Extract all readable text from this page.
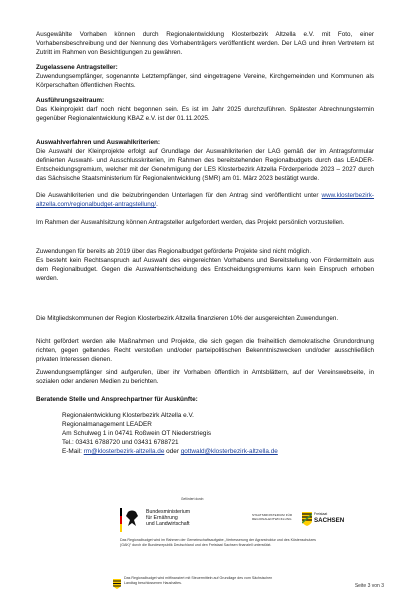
Ausgewählte Vorhaben können durch Regionalentwicklung Klosterbezirk Altzella e.V. mit Foto, einer Vorhabensbeschreibung und der Nennung des Vorhabenträgers veröffentlicht werden. Der LAG und ihren Vertretern ist Zutritt im Rahmen von Besichtigungen zu gewähren.

Zugelassene Antragsteller:

Zuwendungsempfänger, sogenannte Letztempfänger, sind eingetragene Vereine, Kirchgemeinden und Kommunen als Körperschaften öffentlichen Rechts.

Ausführungszeitraum:

Das Kleinprojekt darf noch nicht begonnen sein. Es ist im Jahr 2025 durchzuführen. Spätester Abrechnungstermin gegenüber Regionalentwicklung KBAZ e.V. ist der 01.11.2025.

Auswahlverfahren und Auswahlkriterien:

Die Auswahl der Kleinprojekte erfolgt auf Grundlage der Auswahlkriterien der LAG gemäß der im Antragsformular definierten Auswahl- und Ausschlusskriterien, im Rahmen des bereitstehenden Regionalbudgets durch das LEADER-Entscheidungsgremium, welcher mit der Genehmigung der LES Klosterbezirk Altzella Förderperiode 2023 – 2027 durch das Sächsische Staatsministerium für Regionalentwicklung (SMR) am 01. März 2023 bestätigt wurde.

Die Auswahlkriterien und die beizubringenden Unterlagen für den Antrag sind veröffentlicht unter www.klosterbezirk-altzella.com/regionalbudget-antragstellung/.

Im Rahmen der Auswahlsitzung können Antragsteller aufgefordert werden, das Projekt persönlich vorzustellen.

Zuwendungen für bereits ab 2019 über das Regionalbudget geförderte Projekte sind nicht möglich.

Es besteht kein Rechtsanspruch auf Auswahl des eingereichten Vorhabens und Bereitstellung von Fördermitteln aus dem Regionalbudget. Gegen die Auswahlentscheidung des Entscheidungsgremiums kann kein Einspruch erhoben werden.

Die Mitgliedskommunen der Region Klosterbezirk Altzella finanzieren 10% der ausgereichten Zuwendungen.

Nicht gefördert werden alle Maßnahmen und Projekte, die sich gegen die freiheitlich demokratische Grundordnung richten, gegen geltendes Recht verstoßen und/oder parteipolitischen Bekenntniszwecken und/oder ausschließlich privaten Interessen dienen.

Zuwendungsempfänger sind aufgerufen, über ihr Vorhaben öffentlich in Amtsblättern, auf der Vereinswebseite, in sozialen oder anderen Medien zu berichten.

Beratende Stelle und Ansprechpartner für Auskünfte:

Regionalentwicklung Klosterbezirk Altzella e.V.
Regionalmanagement LEADER
Am Schulweg 1 in 04741 Roßwein OT Niederstriegis
Tel.: 03431 6788720 und 03431 6788721
E-Mail: rm@klosterbezirk-altzella.de oder gottwald@klosterbezirk-altzella.de
Gefördert durch:
Bundesministerium
für Ernährung
und Landwirtschaft
STAATSMINISTERIUM FÜR
REGIONALENTWICKLUNG
Freistaat
SACHSEN
Das Regionalbudget wird im Rahmen der Gemeinschaftsaufgabe „Verbesserung der Agrarstruktur und des Küstenschutzes (GAK)“ durch die Bundesrepublik Deutschland und den Freistaat Sachsen finanziell unterstützt.
Das Regionalbudget wird mitfinanziert mit Steuermitteln auf Grundlage des vom Sächsischen Landtag beschlossenen Haushaltes.
Seite 3 von 3
